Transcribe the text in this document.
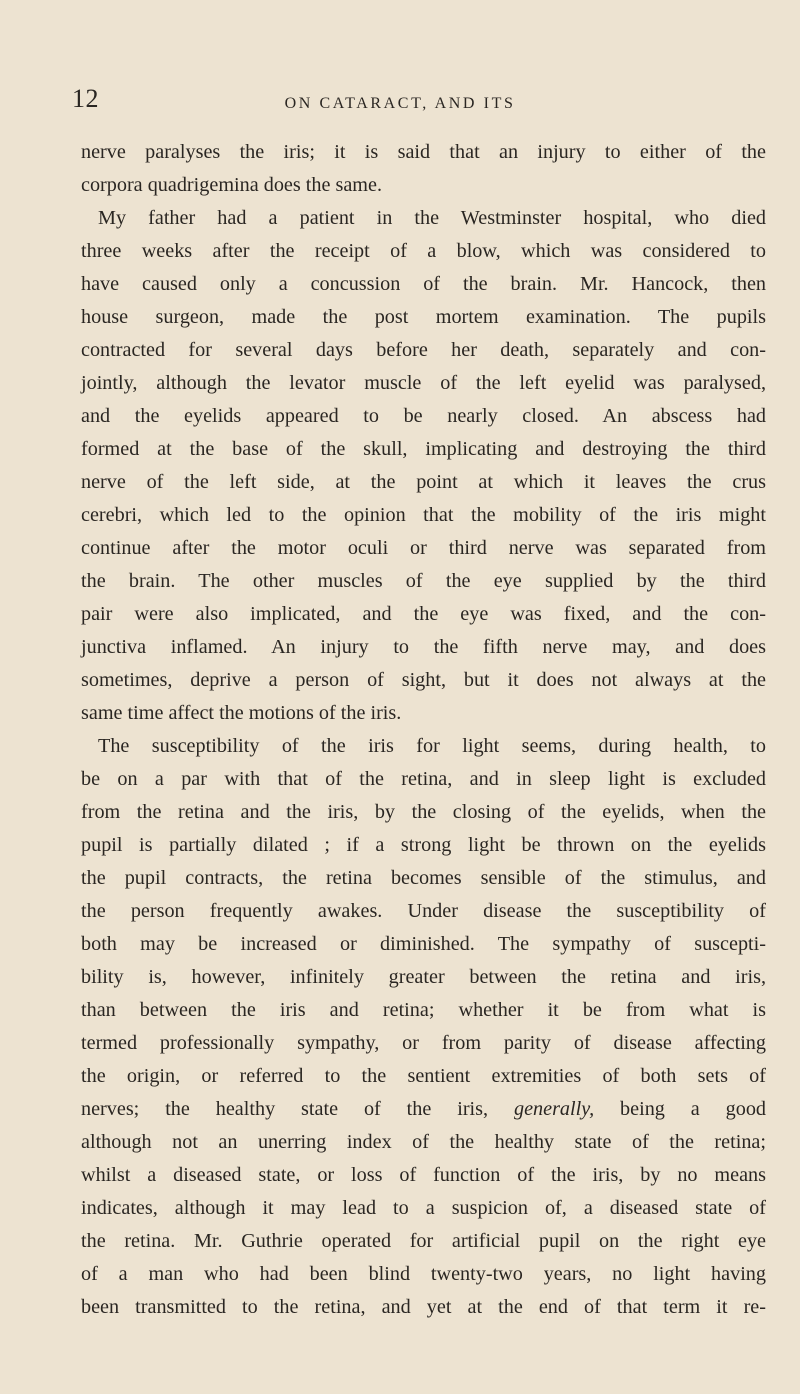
12	ON CATARACT, AND ITS

nerve paralyses the iris; it is said that an injury to either of the

corpora quadrigemina does the same.

My father had a patient in the Westminster hospital, who died

three weeks after the receipt of a blow, which was considered to

have caused only a concussion of the brain. Mr. Hancock, then

house surgeon, made the post mortem examination. The pupils

contracted for several days before her death, separately and con-

jointly, although the levator muscle of the left eyelid was paralysed,

and the eyelids appeared to be nearly closed. An abscess had

formed at the base of the skull, implicating and destroying the third

nerve of the left side, at the point at which it leaves the crus

cerebri, which led to the opinion that the mobility of the iris might

continue after the motor oculi or third nerve was separated from

the brain. The other muscles of the eye supplied by the third

pair were also implicated, and the eye was fixed, and the con-

junctiva inflamed. An injury to the fifth nerve may, and does

sometimes, deprive a person of sight, but it does not always at the

same time affect the motions of the iris.

The susceptibility of the iris for light seems, during health, to

be on a par with that of the retina, and in sleep light is excluded

from the retina and the iris, by the closing of the eyelids, when the

pupil is partially dilated ; if a strong light be thrown on the eyelids

the pupil contracts, the retina becomes sensible of the stimulus, and

the person frequently awakes. Under disease the susceptibility of

both may be increased or diminished. The sympathy of suscepti-

bility is, however, infinitely greater between the retina and iris,

than between the iris and retina; whether it be from what is

termed professionally sympathy, or from parity of disease affecting

the origin, or referred to the sentient extremities of both sets of

nerves; the healthy state of the iris, generally, being a good

although not an unerring index of the healthy state of the retina;

whilst a diseased state, or loss of function of the iris, by no means

indicates, although it may lead to a suspicion of, a diseased state of

the retina. Mr. Guthrie operated for artificial pupil on the right eye

of a man who had been blind twenty-two years, no light having

been transmitted to the retina, and yet at the end of that term it re-
